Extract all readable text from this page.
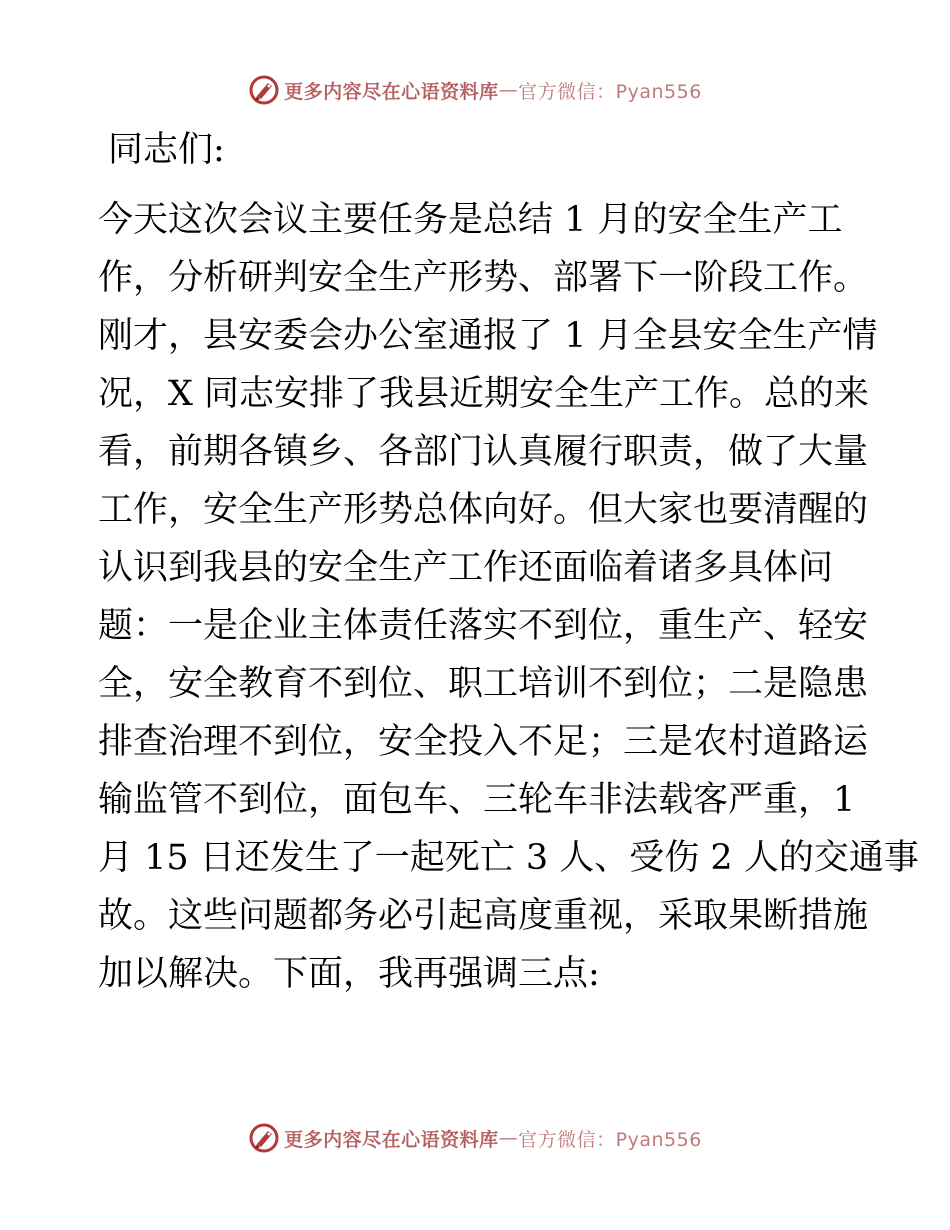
更多内容尽在心语资料库 — 官方微信：Pyan556
同志们:
今天这次会议主要任务是总结 1 月的安全生产工
作，分析研判安全生产形势、部署下一阶段工作。
刚才，县安委会办公室通报了 1 月全县安全生产情
况，X 同志安排了我县近期安全生产工作。总的来
看，前期各镇乡、各部门认真履行职责，做了大量
工作，安全生产形势总体向好。但大家也要清醒的
认识到我县的安全生产工作还面临着诸多具体问
题：一是企业主体责任落实不到位，重生产、轻安
全，安全教育不到位、职工培训不到位；二是隐患
排查治理不到位，安全投入不足；三是农村道路运
输监管不到位，面包车、三轮车非法载客严重，1
月 15 日还发生了一起死亡 3 人、受伤 2 人的交通事
故。这些问题都务必引起高度重视，采取果断措施
加以解决。下面，我再强调三点:
更多内容尽在心语资料库 — 官方微信：Pyan556
